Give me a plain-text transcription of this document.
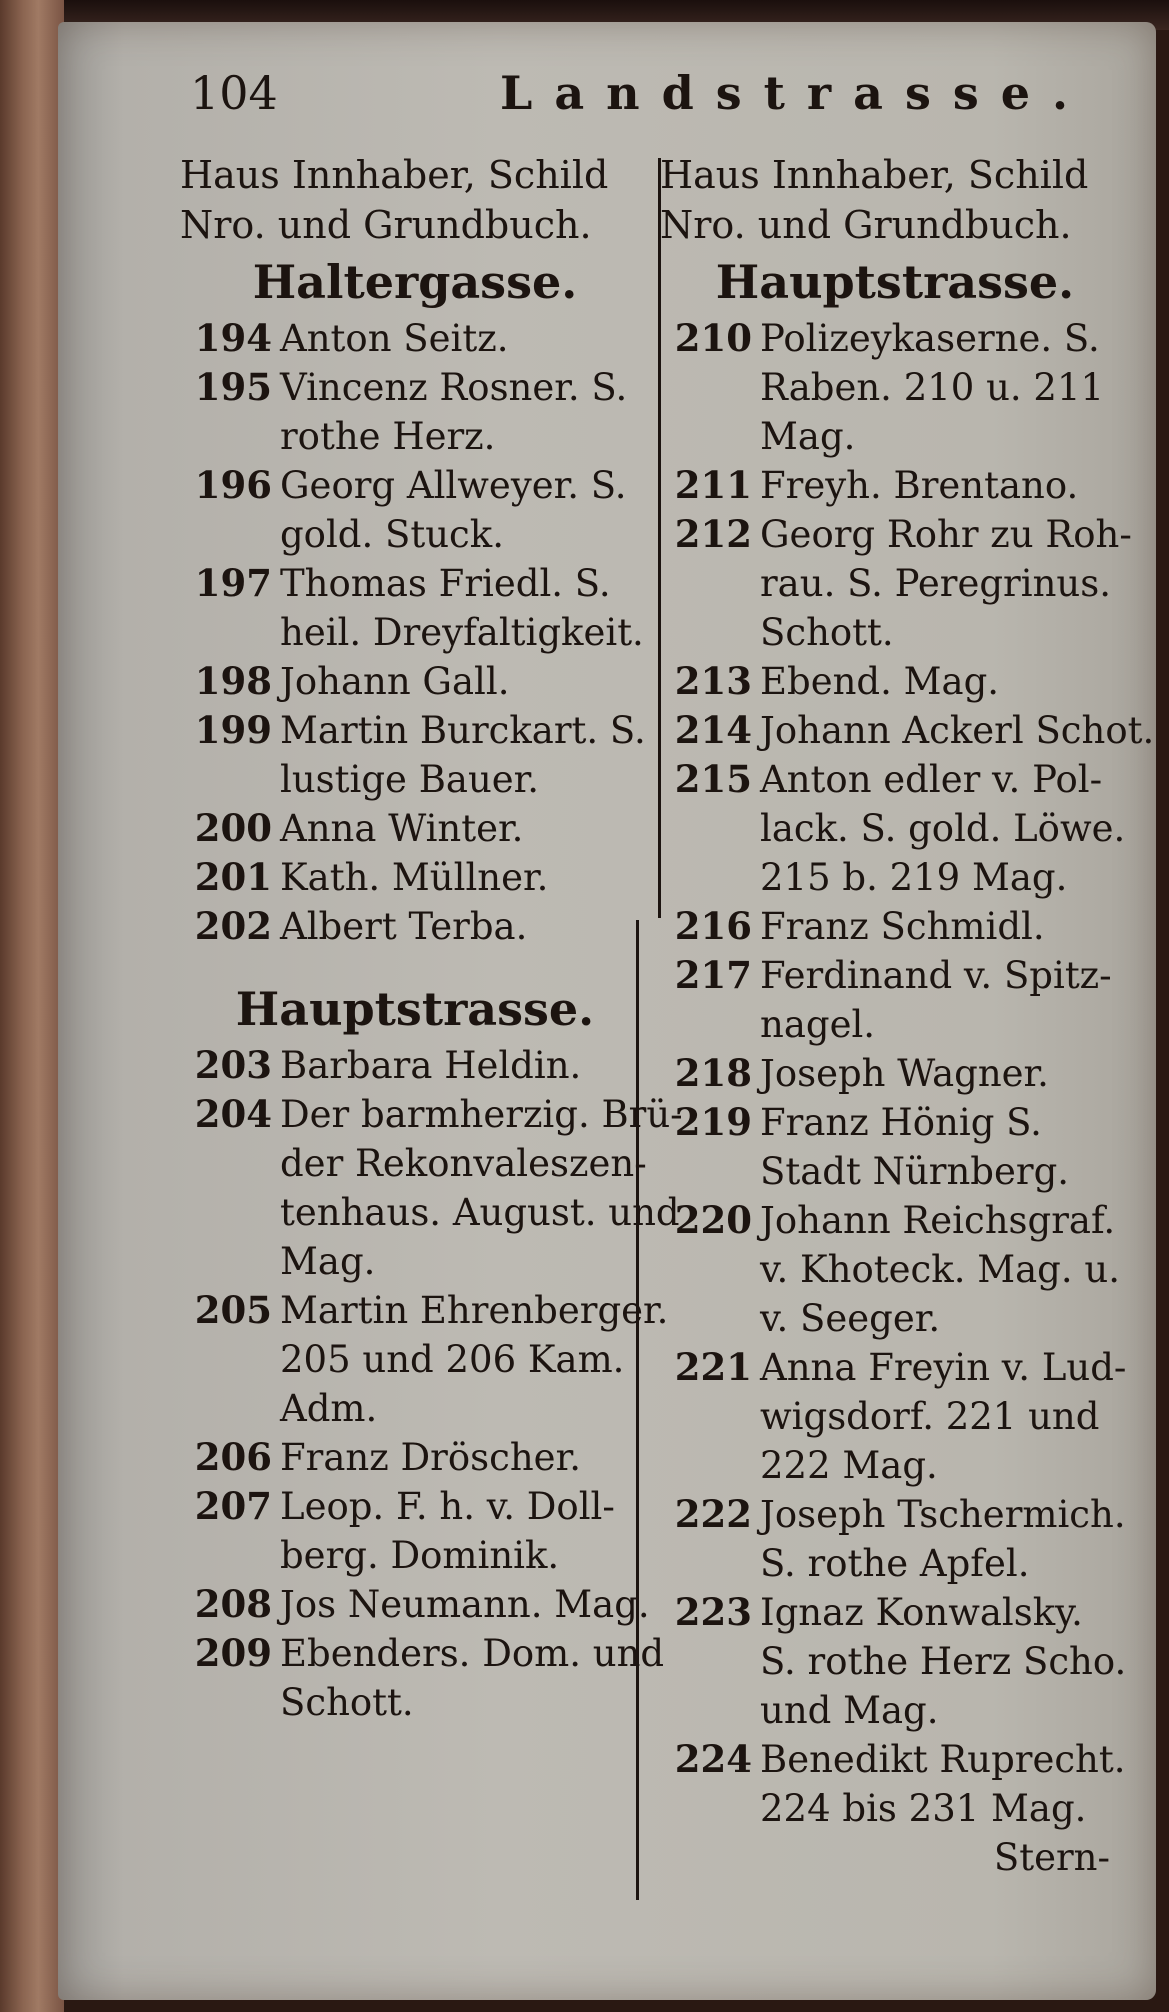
104	Landstrasse.
Haus Innhaber, Schild
Nro. und Grundbuch.
Haltergasse.
194 Anton Seitz.
195 Vincenz Rosner. S.
rothe Herz.
196 Georg Allweyer. S.
gold. Stuck.
197 Thomas Friedl. S.
heil. Dreyfaltigkeit.
198 Johann Gall.
199 Martin Burckart. S.
lustige Bauer.
200 Anna Winter.
201 Kath. Müllner.
202 Albert Terba.
Hauptstrasse.
203 Barbara Heldin.
204 Der barmherzig. Brü-
der Rekonvaleszen-
tenhaus. August. und
Mag.
205 Martin Ehrenberger.
205 und 206 Kam.
Adm.
206 Franz Dröscher.
207 Leop. F. h. v. Doll-
berg. Dominik.
208 Jos Neumann. Mag.
209 Ebenders. Dom. und
Schott.
Haus Innhaber, Schild
Nro. und Grundbuch.
Hauptstrasse.
210 Polizeykaserne. S.
Raben. 210 u. 211
Mag.
211 Freyh. Brentano.
212 Georg Rohr zu Roh-
rau. S. Peregrinus.
Schott.
213 Ebend. Mag.
214 Johann Ackerl Schot.
215 Anton edler v. Pol-
lack. S. gold. Löwe.
215 b. 219 Mag.
216 Franz Schmidl.
217 Ferdinand v. Spitz-
nagel.
218 Joseph Wagner.
219 Franz Hönig S.
Stadt Nürnberg.
220 Johann Reichsgraf.
v. Khoteck. Mag. u.
v. Seeger.
221 Anna Freyin v. Lud-
wigsdorf. 221 und
222 Mag.
222 Joseph Tschermich.
S. rothe Apfel.
223 Ignaz Konwalsky.
S. rothe Herz Scho.
und Mag.
224 Benedikt Ruprecht.
224 bis 231 Mag.
Stern-
